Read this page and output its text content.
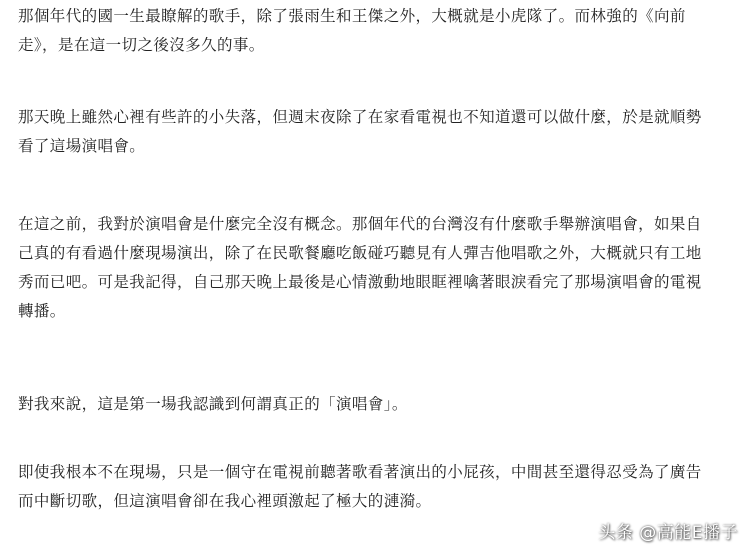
那個年代的國一生最瞭解的歌手，除了張雨生和王傑之外，大概就是小虎隊了。而林強的《向前
走》，是在這一切之後沒多久的事。

那天晚上雖然心裡有些許的小失落，但週末夜除了在家看電視也不知道還可以做什麼，於是就順勢
看了這場演唱會。

在這之前，我對於演唱會是什麼完全沒有概念。那個年代的台灣沒有什麼歌手舉辦演唱會，如果自
己真的有看過什麼現場演出，除了在民歌餐廳吃飯碰巧聽見有人彈吉他唱歌之外，大概就只有工地
秀而已吧。可是我記得，自己那天晚上最後是心情激動地眼眶裡噙著眼淚看完了那場演唱會的電視
轉播。

對我來說，這是第一場我認識到何謂真正的「演唱會」。

即使我根本不在現場，只是一個守在電視前聽著歌看著演出的小屁孩，中間甚至還得忍受為了廣告
而中斷切歌，但這演唱會卻在我心裡頭激起了極大的漣漪。

头条 @高能E播子
